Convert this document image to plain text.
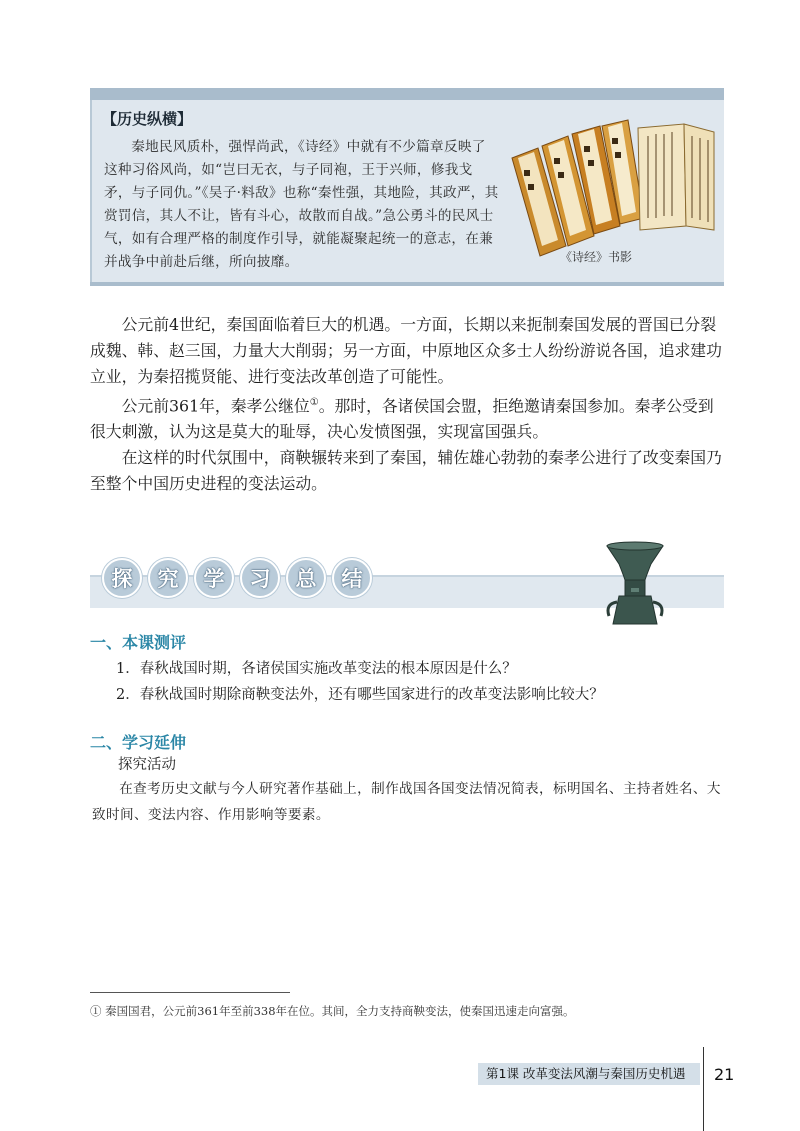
【历史纵横】
秦地民风质朴，强悍尚武，《诗经》中就有不少篇章反映了这种习俗风尚，如“岂曰无衣，与子同袍，王于兴师，修我戈矛，与子同仇。”《吴子·料敌》也称“秦性强，其地险，其政严，其赏罚信，其人不让，皆有斗心，故散而自战。”急公勇斗的民风士气，如有合理严格的制度作引导，就能凝聚起统一的意志，在兼并战争中前赴后继，所向披靡。	《诗经》书影

公元前4世纪，秦国面临着巨大的机遇。一方面，长期以来扼制秦国发展的晋国已分裂成魏、韩、赵三国，力量大大削弱；另一方面，中原地区众多士人纷纷游说各国，追求建功立业，为秦招揽贤能、进行变法改革创造了可能性。

公元前361年，秦孝公继位①。那时，各诸侯国会盟，拒绝邀请秦国参加。秦孝公受到很大刺激，认为这是莫大的耻辱，决心发愤图强，实现富国强兵。

在这样的时代氛围中，商鞅辗转来到了秦国，辅佐雄心勃勃的秦孝公进行了改变秦国乃至整个中国历史进程的变法运动。

探	究	学	习	总	结
一、本课测评
1．春秋战国时期，各诸侯国实施改革变法的根本原因是什么？
2．春秋战国时期除商鞅变法外，还有哪些国家进行的改革变法影响比较大？
二、学习延伸
探究活动
在查考历史文献与今人研究著作基础上，制作战国各国变法情况简表，标明国名、主持者姓名、大致时间、变法内容、作用影响等要素。
① 秦国国君，公元前361年至前338年在位。其间，全力支持商鞅变法，使秦国迅速走向富强。
第1课 改革变法风潮与秦国历史机遇	21
